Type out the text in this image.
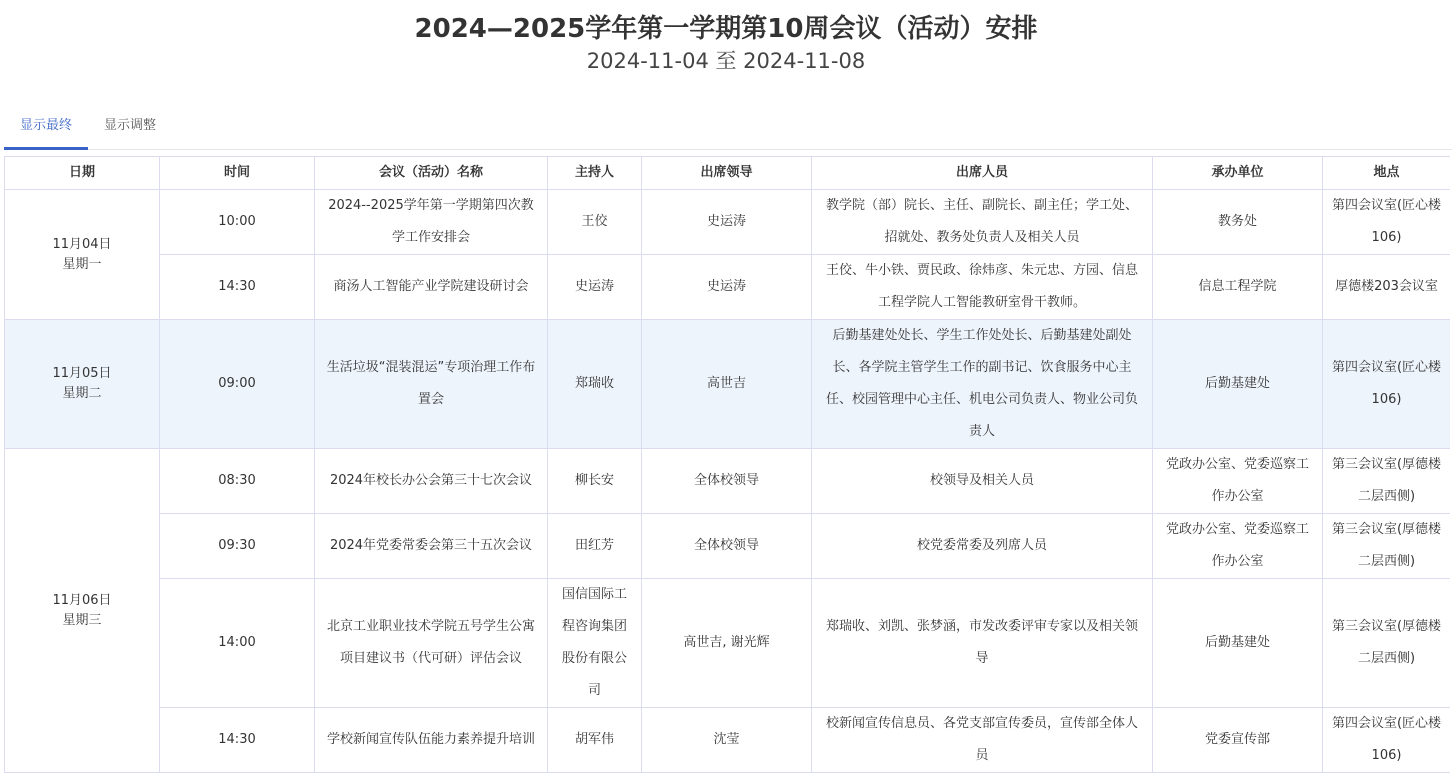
2024—2025学年第一学期第10周会议（活动）安排
2024-11-04 至 2024-11-08
显示最终	显示调整
日期	时间	会议（活动）名称	主持人	出席领导	出席人员	承办单位	地点

11月04日
星期一	10:00	2024--2025学年第一学期第四次教学工作安排会	王佼	史运涛	教学院（部）院长、主任、副院长、副主任；学工处、招就处、教务处负责人及相关人员	教务处	第四会议室(匠心楼106)
	14:30	商汤人工智能产业学院建设研讨会	史运涛	史运涛	王佼、牛小铁、贾民政、徐炜彦、朱元忠、方园、信息工程学院人工智能教研室骨干教师。	信息工程学院	厚德楼203会议室

11月05日
星期二	09:00	生活垃圾“混装混运”专项治理工作布置会	郑瑞收	高世吉	后勤基建处处长、学生工作处处长、后勤基建处副处长、各学院主管学生工作的副书记、饮食服务中心主任、校园管理中心主任、机电公司负责人、物业公司负责人	后勤基建处	第四会议室(匠心楼106)

11月06日
星期三	08:30	2024年校长办公会第三十七次会议	柳长安	全体校领导	校领导及相关人员	党政办公室、党委巡察工作办公室	第三会议室(厚德楼二层西侧)
	09:30	2024年党委常委会第三十五次会议	田红芳	全体校领导	校党委常委及列席人员	党政办公室、党委巡察工作办公室	第三会议室(厚德楼二层西侧)
	14:00	北京工业职业技术学院五号学生公寓项目建议书（代可研）评估会议	国信国际工程咨询集团股份有限公司	高世吉, 谢光辉	郑瑞收、刘凯、张梦涵，市发改委评审专家以及相关领导	后勤基建处	第三会议室(厚德楼二层西侧)
	14:30	学校新闻宣传队伍能力素养提升培训	胡军伟	沈莹	校新闻宣传信息员、各党支部宣传委员，宣传部全体人员	党委宣传部	第四会议室(匠心楼106)
